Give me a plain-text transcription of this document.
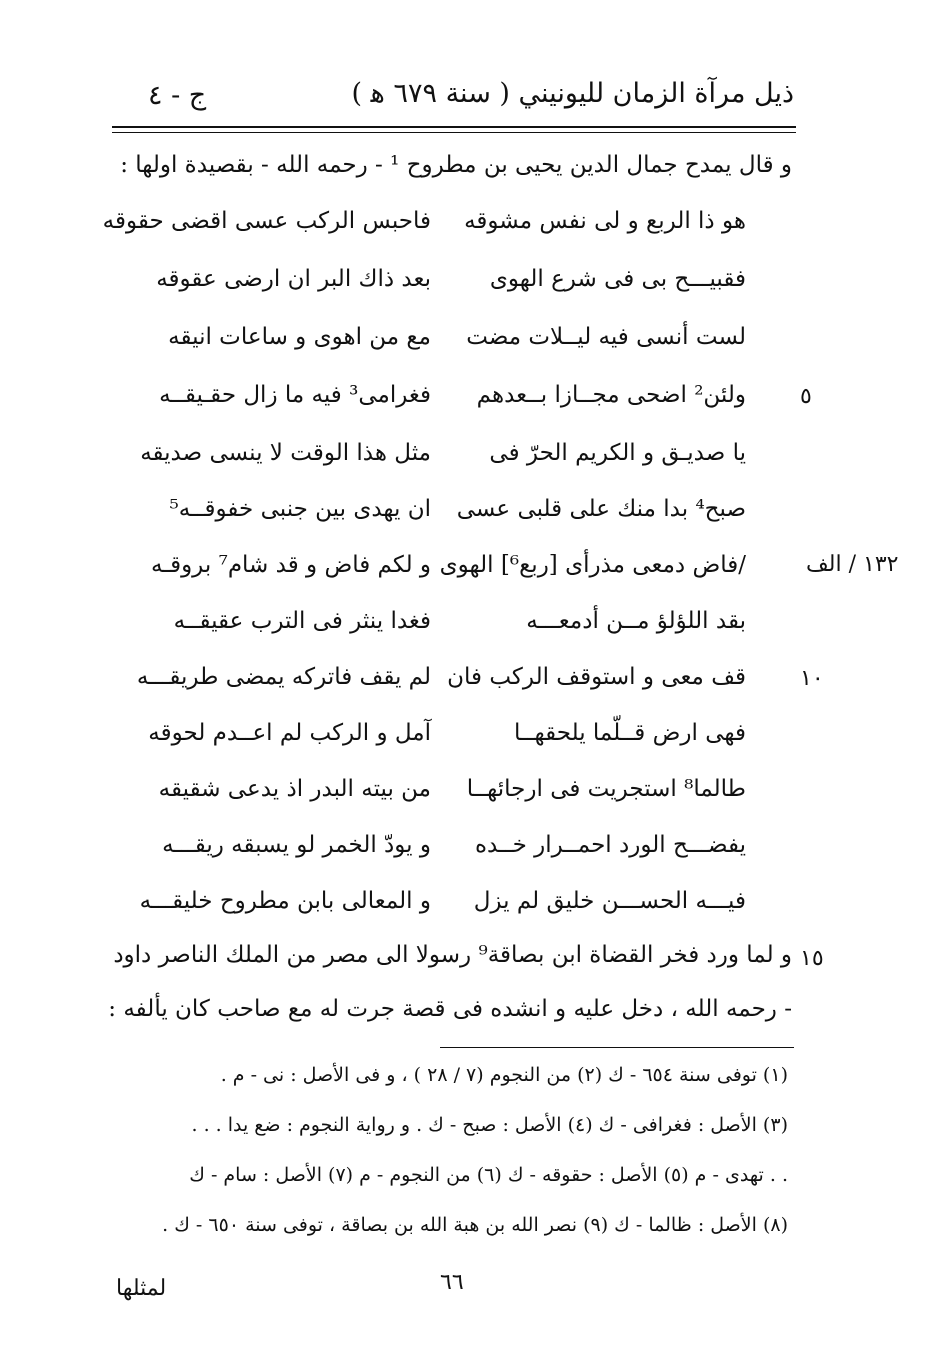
ذيل مرآة الزمان لليونيني ( سنة ٦٧٩ ﻫ )
ج - ٤
و قال يمدح جمال الدين يحيى بن مطروح ¹ - رحمه الله - بقصيدة اولها :
هو ذا الربع و لى نفس مشوقه
فاحبس الركب عسى اقضى حقوقه
فقبيـــح بى فى شرع الهوى
بعد ذاك البر ان ارضى عقوقه
لست أنسى فيه ليــلات مضت
مع من اهوى و ساعات انيقه
٥
ولئن² اضحى مجــازا بــعدهم
فغرامى³ فيه ما زال حقـيقــه
يا صديـق و الكريم الحرّ فى
مثل هذا الوقت لا ينسى صديقه
صبح⁴ بدا منك على قلبى عسى
ان يهدى بين جنبى خفوقــه⁵
١٣٢ / الف
/فاض دمعى مذرأى [ربع⁶] الهوى
و لكم فاض و قد شام⁷ بروقـه
بقد اللؤلؤ مــن أدمعـــه
فغدا ينثر فى الترب عقيقــه
١٠
قف معى و استوقف الركب فان
لم يقف فاتركه يمضى طريقـــه
فهى ارض قــلّما يلحقهــا
آمل و الركب لم اعــدم لحوقه
طالما⁸ استجريت فى ارجائهــا
من بيته البدر اذ يدعى شقيقه
يفضـــح الورد احمــرار خــده
و يودّ الخمر لو يسبقه ريقـــه
فيـــه الحســـن خليق لم يزل
و المعالى بابن مطروح خليقـــه
١٥
و لما ورد فخر القضاة ابن بصاقة⁹ رسولا الى مصر من الملك الناصر داود
- رحمه الله ، دخل عليه و انشده فى قصة جرت له مع صاحب كان يألفه :
(١) توفى سنة ٦٥٤ - ك (٢) من النجوم (٧ / ٢٨ ) ، و فى الأصل : نى - م .
(٣) الأصل : فغرافى - ك (٤) الأصل : صبح - ك . و رواية النجوم : ضع يدا . . .
. . تهدى - م (٥) الأصل : حقوقه - ك (٦) من النجوم - م (٧) الأصل : سام - ك
(٨) الأصل : ظالما - ك (٩) نصر الله بن هبة الله بن بصاقة ، توفى سنة ٦٥٠ - ك .
٦٦
لمثلها
